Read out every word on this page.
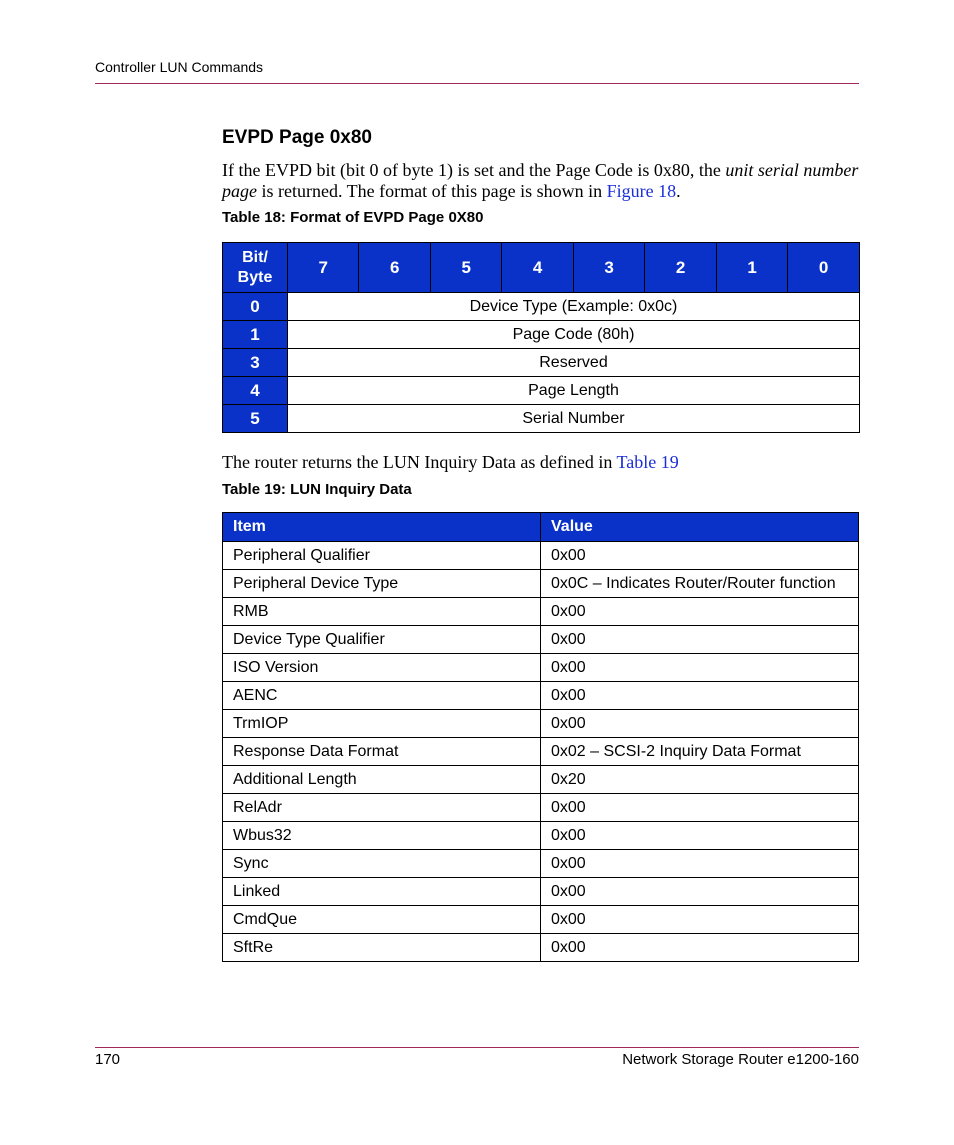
Controller LUN Commands
EVPD Page 0x80
If the EVPD bit (bit 0 of byte 1) is set and the Page Code is 0x80, the unit serial number page is returned. The format of this page is shown in Figure 18.
Table 18: Format of EVPD Page 0X80
Bit/
Byte	7	6	5	4	3	2	1	0
0	Device Type (Example: 0x0c)							
1	Page Code (80h)							
3	Reserved							
4	Page Length							
5	Serial Number							
The router returns the LUN Inquiry Data as defined in Table 19
Table 19: LUN Inquiry Data
Item	Value
Peripheral Qualifier	0x00
Peripheral Device Type	0x0C – Indicates Router/Router function
RMB	0x00
Device Type Qualifier	0x00
ISO Version	0x00
AENC	0x00
TrmIOP	0x00
Response Data Format	0x02 – SCSI-2 Inquiry Data Format
Additional Length	0x20
RelAdr	0x00
Wbus32	0x00
Sync	0x00
Linked	0x00
CmdQue	0x00
SftRe	0x00
170	Network Storage Router e1200-160
